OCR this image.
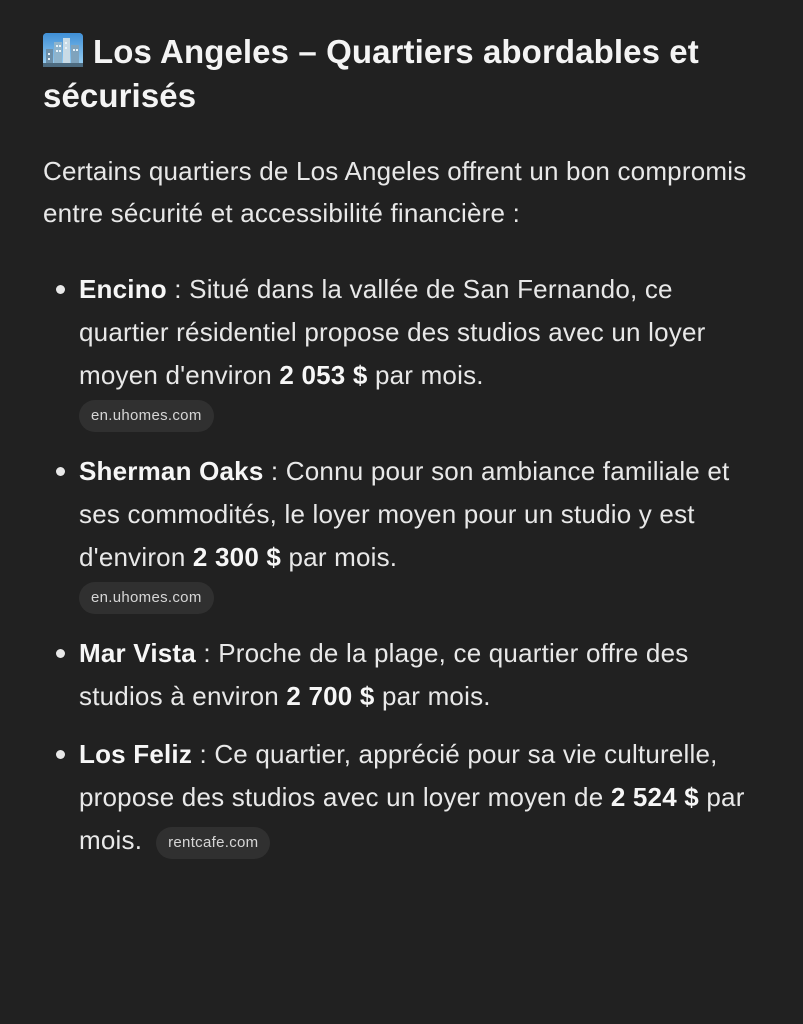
Los Angeles – Quartiers abordables et sécurisés

Certains quartiers de Los Angeles offrent un bon compromis entre sécurité et accessibilité financière :

Encino : Situé dans la vallée de San Fernando, ce quartier résidentiel propose des studios avec un loyer moyen d'environ 2 053 $ par mois.
en.uhomes.com
Sherman Oaks : Connu pour son ambiance familiale et ses commodités, le loyer moyen pour un studio y est d'environ 2 300 $ par mois.
en.uhomes.com
Mar Vista : Proche de la plage, ce quartier offre des studios à environ 2 700 $ par mois.
Los Feliz : Ce quartier, apprécié pour sa vie culturelle, propose des studios avec un loyer moyen de 2 524 $ par mois. rentcafe.com
